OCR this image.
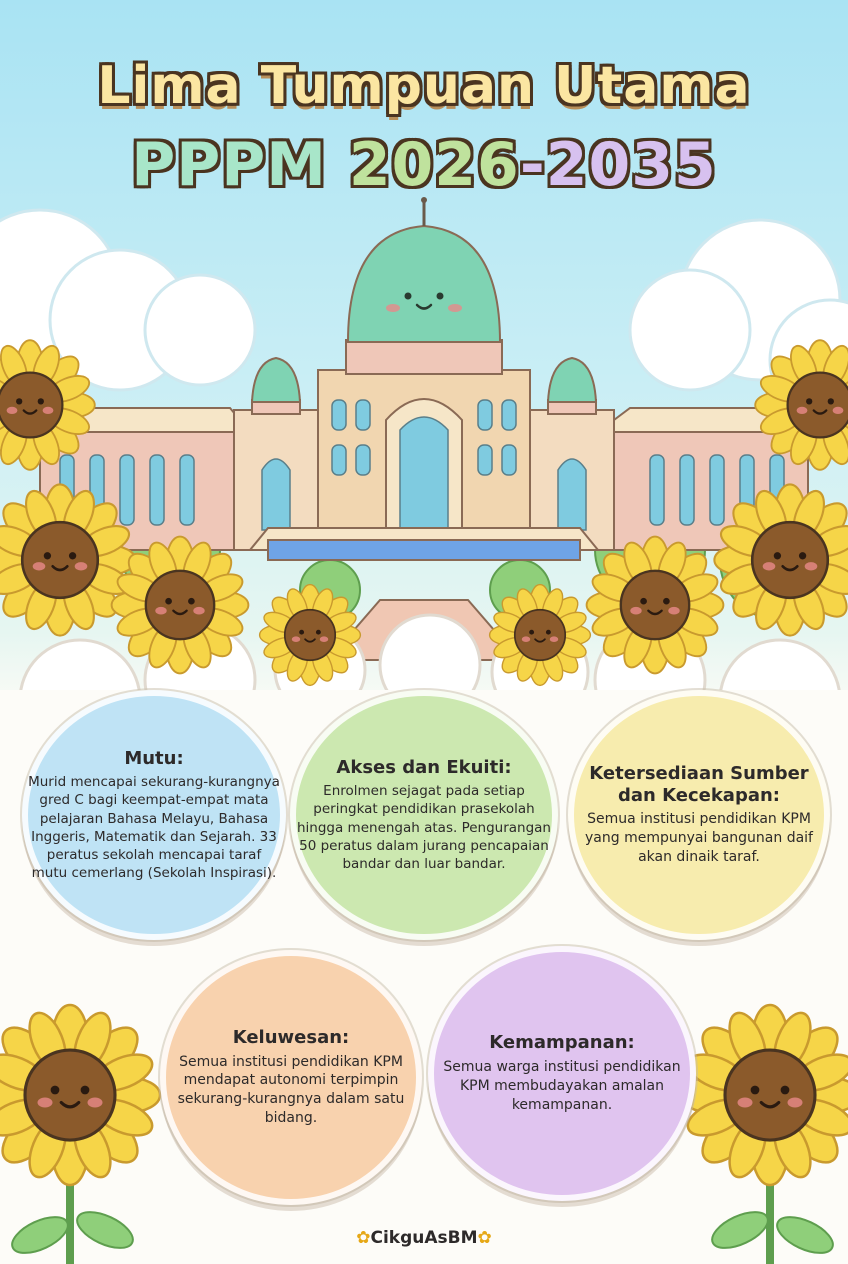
Lima Tumpuan Utama
PPPM 2026-2035
Mutu:

Murid mencapai sekurang-kurangnya gred C bagi keempat-empat mata pelajaran Bahasa Melayu, Bahasa Inggeris, Matematik dan Sejarah. 33 peratus sekolah mencapai taraf mutu cemerlang (Sekolah Inspirasi).

Akses dan Ekuiti:

Enrolmen sejagat pada setiap peringkat pendidikan prasekolah hingga menengah atas. Pengurangan 50 peratus dalam jurang pencapaian bandar dan luar bandar.

Ketersediaan Sumber dan Kecekapan:

Semua institusi pendidikan KPM yang mempunyai bangunan daif akan dinaik taraf.

Keluwesan:

Semua institusi pendidikan KPM mendapat autonomi terpimpin sekurang-kurangnya dalam satu bidang.

Kemampanan:

Semua warga institusi pendidikan KPM membudayakan amalan kemampanan.

✿CikguAsBM✿
